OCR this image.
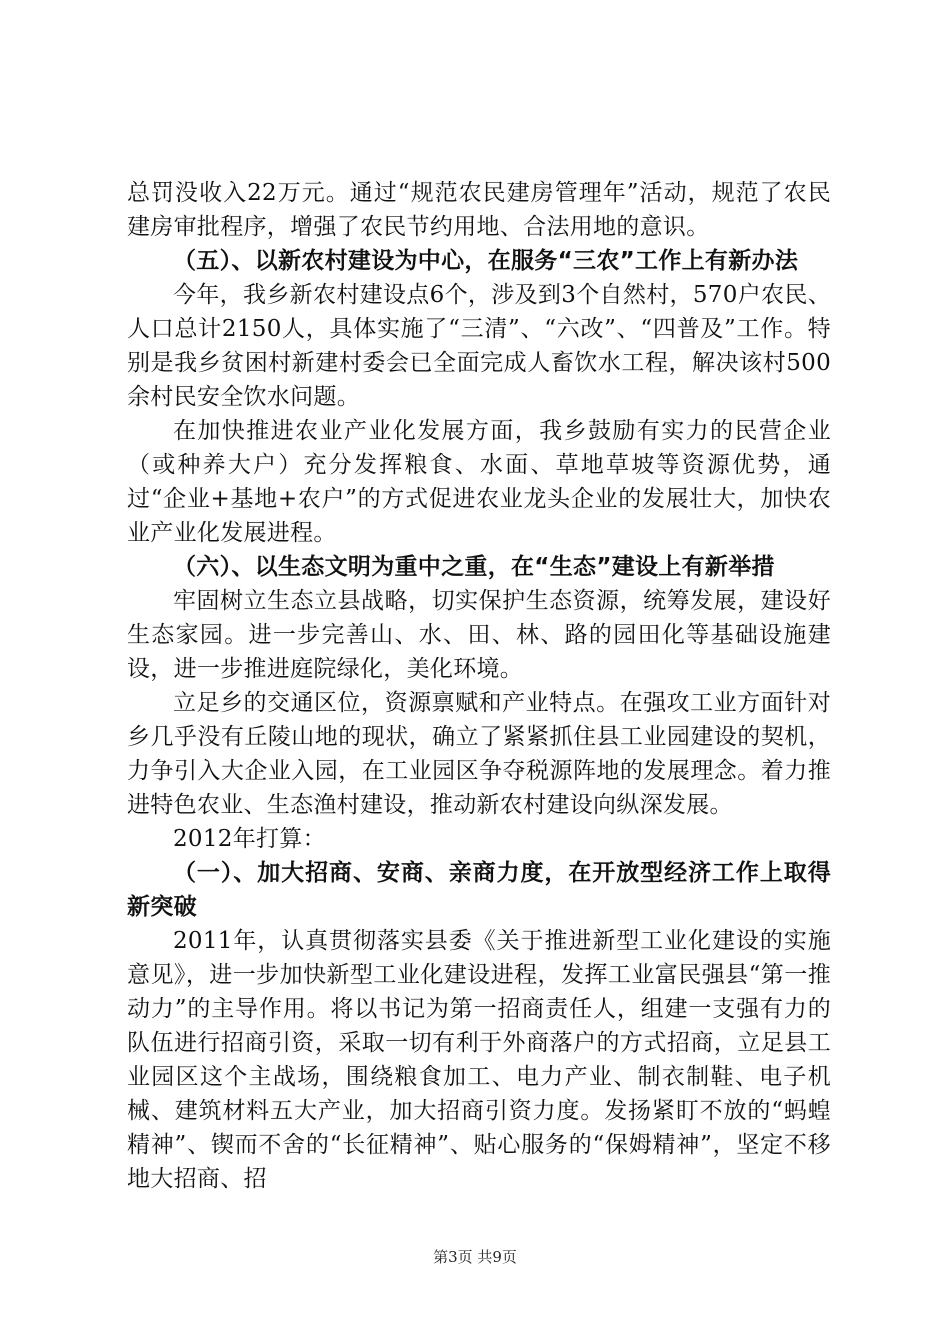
总罚没收入22万元。通过“规范农民建房管理年”活动，规范了农民建房审批程序，增强了农民节约用地、合法用地的意识。

（五）、以新农村建设为中心，在服务“三农”工作上有新办法

今年，我乡新农村建设点6个，涉及到3个自然村，570户农民、人口总计2150人，具体实施了“三清”、“六改”、“四普及”工作。特别是我乡贫困村新建村委会已全面完成人畜饮水工程，解决该村500余村民安全饮水问题。

在加快推进农业产业化发展方面，我乡鼓励有实力的民营企业（或种养大户）充分发挥粮食、水面、草地草坡等资源优势，通过“企业+基地+农户”的方式促进农业龙头企业的发展壮大，加快农业产业化发展进程。

（六）、以生态文明为重中之重，在“生态”建设上有新举措

牢固树立生态立县战略，切实保护生态资源，统筹发展，建设好生态家园。进一步完善山、水、田、林、路的园田化等基础设施建设，进一步推进庭院绿化，美化环境。

立足乡的交通区位，资源禀赋和产业特点。在强攻工业方面针对乡几乎没有丘陵山地的现状，确立了紧紧抓住县工业园建设的契机，力争引入大企业入园，在工业园区争夺税源阵地的发展理念。着力推进特色农业、生态渔村建设，推动新农村建设向纵深发展。

2012年打算：

（一）、加大招商、安商、亲商力度，在开放型经济工作上取得新突破

2011年，认真贯彻落实县委《关于推进新型工业化建设的实施意见》，进一步加快新型工业化建设进程，发挥工业富民强县“第一推动力”的主导作用。将以书记为第一招商责任人，组建一支强有力的队伍进行招商引资，采取一切有利于外商落户的方式招商，立足县工业园区这个主战场，围绕粮食加工、电力产业、制衣制鞋、电子机械、建筑材料五大产业，加大招商引资力度。发扬紧盯不放的“蚂蝗精神”、锲而不舍的“长征精神”、贴心服务的“保姆精神”，坚定不移地大招商、招

第3页 共9页
